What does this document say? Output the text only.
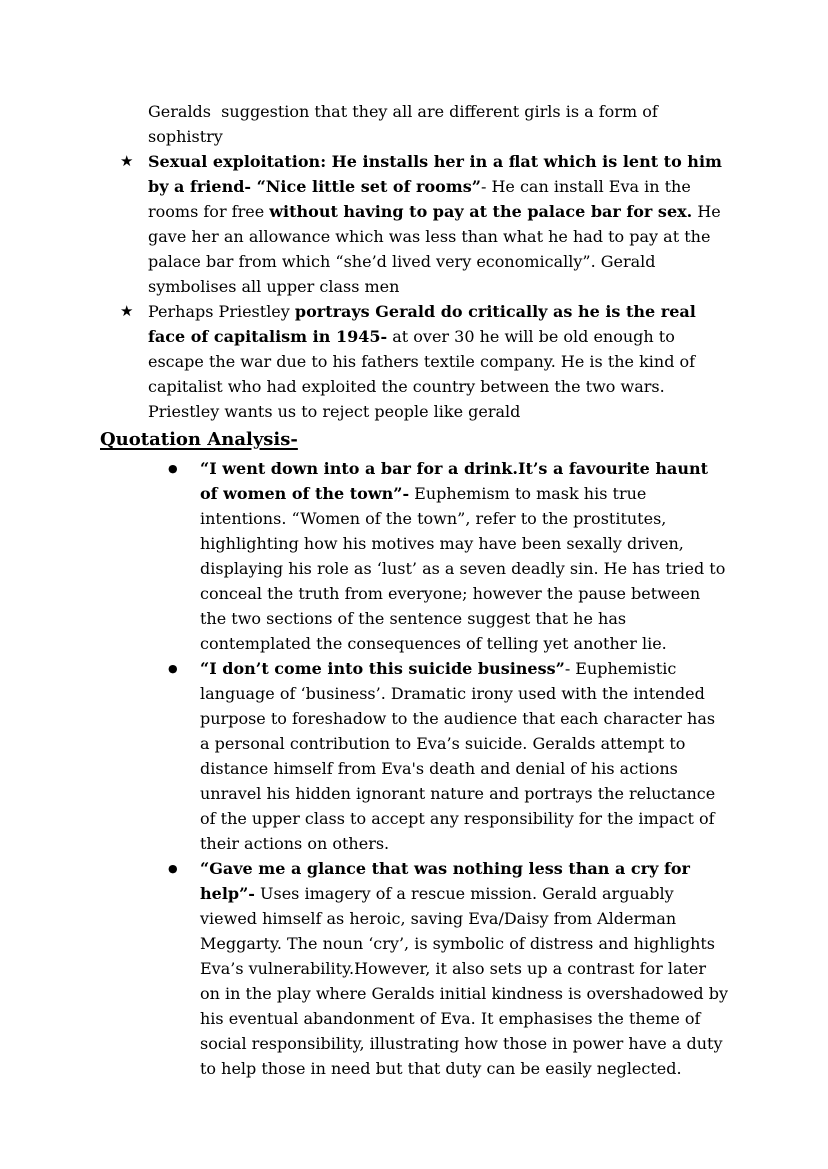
Geralds  suggestion that they all are different girls is a form of sophistry

★ Sexual exploitation: He installs her in a flat which is lent to him by a friend- “Nice little set of rooms”- He can install Eva in the rooms for free without having to pay at the palace bar for sex. He gave her an allowance which was less than what he had to pay at the palace bar from which “she’d lived very economically”. Gerald symbolises all upper class men

★ Perhaps Priestley portrays Gerald do critically as he is the real face of capitalism in 1945- at over 30 he will be old enough to escape the war due to his fathers textile company. He is the kind of capitalist who had exploited the country between the two wars. Priestley wants us to reject people like gerald

Quotation Analysis-
●	“I went down into a bar for a drink.It’s a favourite haunt of women of the town”- Euphemism to mask his true intentions. “Women of the town”, refer to the prostitutes, highlighting how his motives may have been sexally driven, displaying his role as ‘lust’ as a seven deadly sin. He has tried to conceal the truth from everyone; however the pause between the two sections of the sentence suggest that he has contemplated the consequences of telling yet another lie.

●	“I don’t come into this suicide business”- Euphemistic language of ‘business’. Dramatic irony used with the intended purpose to foreshadow to the audience that each character has a personal contribution to Eva’s suicide. Geralds attempt to distance himself from Eva's death and denial of his actions unravel his hidden ignorant nature and portrays the reluctance of the upper class to accept any responsibility for the impact of their actions on others.

●	“Gave me a glance that was nothing less than a cry for help”- Uses imagery of a rescue mission. Gerald arguably viewed himself as heroic, saving Eva/Daisy from Alderman Meggarty. The noun ‘cry’, is symbolic of distress and highlights Eva’s vulnerability.However, it also sets up a contrast for later on in the play where Geralds initial kindness is overshadowed by his eventual abandonment of Eva. It emphasises the theme of social responsibility, illustrating how those in power have a duty to help those in need but that duty can be easily neglected.
